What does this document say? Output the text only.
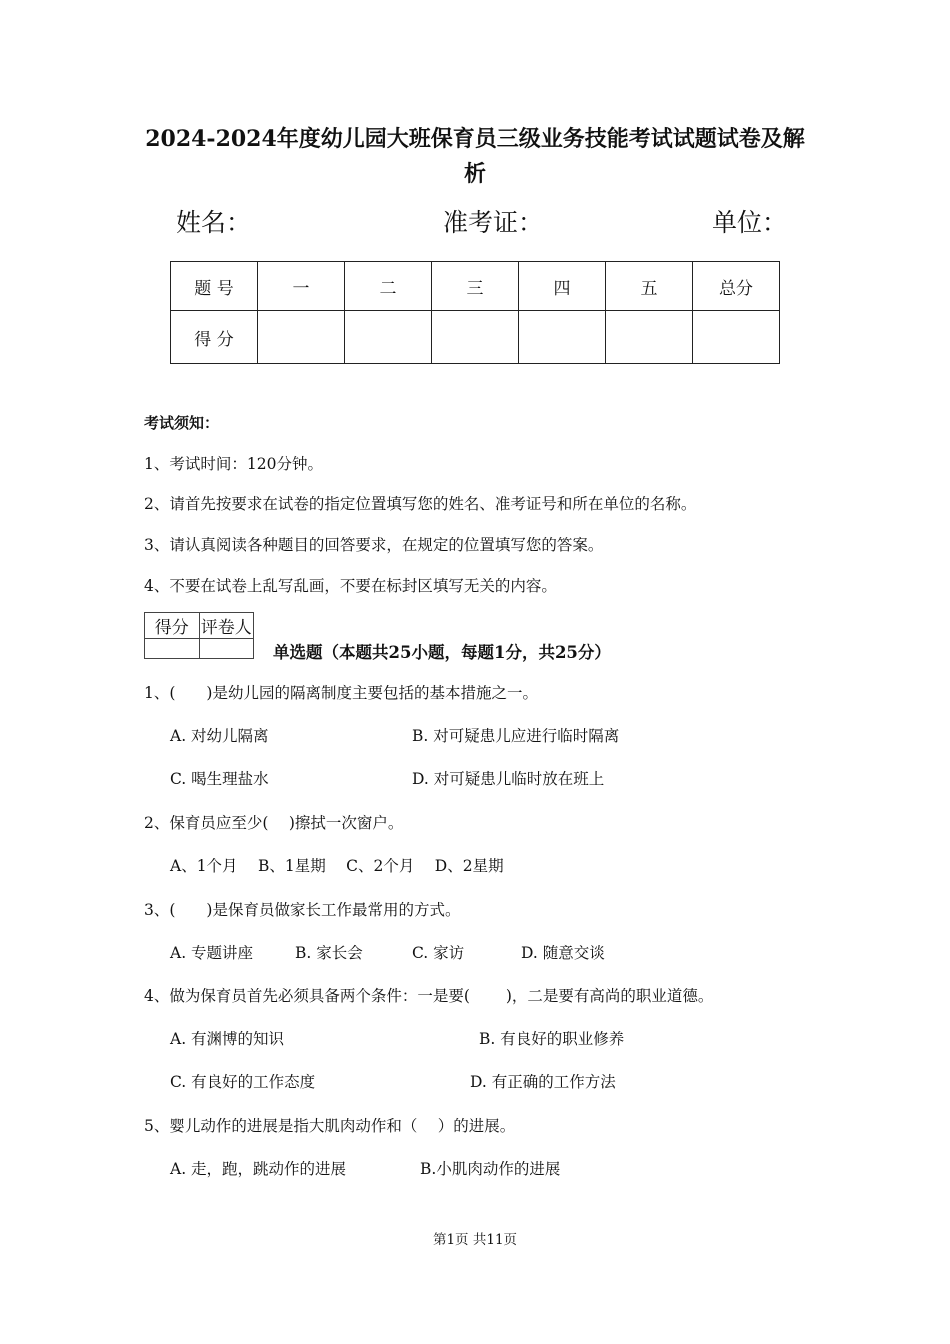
2024-2024年度幼儿园大班保育员三级业务技能考试试题试卷及解
析
姓名：	准考证：	单位：
题 号	一	二	三	四	五	总分
得 分						
考试须知：
1、考试时间：120分钟。
2、请首先按要求在试卷的指定位置填写您的姓名、准考证号和所在单位的名称。
3、请认真阅读各种题目的回答要求，在规定的位置填写您的答案。
4、不要在试卷上乱写乱画，不要在标封区填写无关的内容。
得分	评卷人

单选题（本题共25小题，每题1分，共25分）
1、(　　)是幼儿园的隔离制度主要包括的基本措施之一。
A. 对幼儿隔离	B. 对可疑患儿应进行临时隔离
C. 喝生理盐水	D. 对可疑患儿临时放在班上
2、保育员应至少(　 )擦拭一次窗户。
A、1个月　 B、1星期　 C、2个月　 D、2星期
3、(　　)是保育员做家长工作最常用的方式。
A. 专题讲座	B. 家长会	C. 家访	D. 随意交谈
4、做为保育员首先必须具备两个条件：一是要(　　 )，二是要有高尚的职业道德。
A. 有渊博的知识	B. 有良好的职业修养
C. 有良好的工作态度	D. 有正确的工作方法
5、婴儿动作的进展是指大肌肉动作和（　 ）的进展。
A. 走，跑，跳动作的进展	B.小肌肉动作的进展
第1页 共11页
